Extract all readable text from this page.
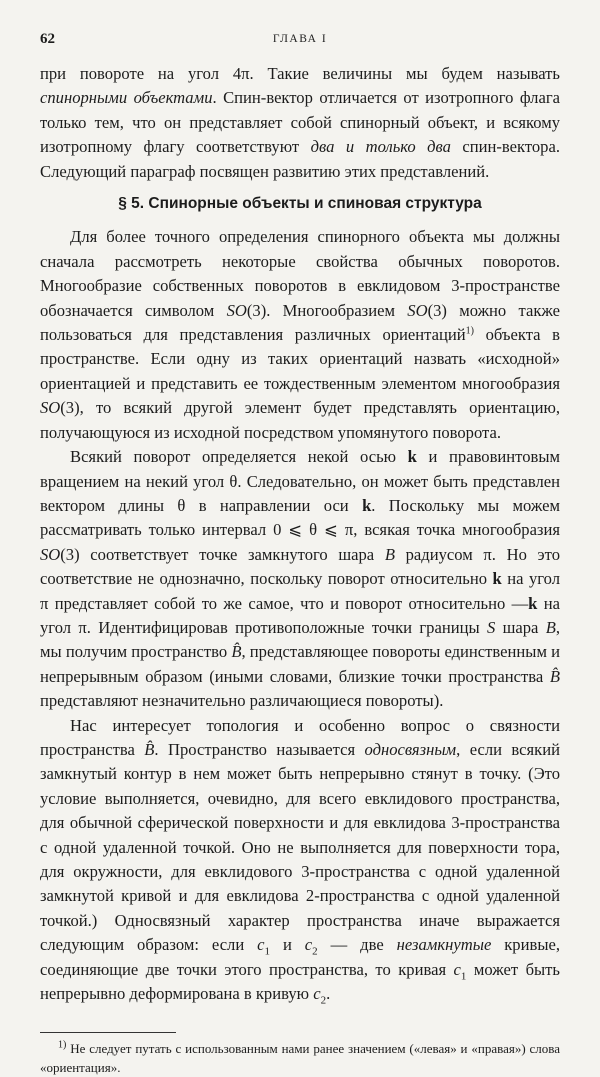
62	ГЛАВА I

при повороте на угол 4π. Такие величины мы будем называть спинорными объектами. Спин-вектор отличается от изотропного флага только тем, что он представляет собой спинорный объект, и всякому изотропному флагу соответствуют два и только два спин-вектора. Следующий параграф посвящен развитию этих представлений.

§ 5. Спинорные объекты и спиновая структура

Для более точного определения спинорного объекта мы должны сначала рассмотреть некоторые свойства обычных поворотов. Многообразие собственных поворотов в евклидовом 3-пространстве обозначается символом SO(3). Многообразием SO(3) можно также пользоваться для представления различных ориентаций$^{1)}$ объекта в пространстве. Если одну из таких ориентаций назвать «исходной» ориентацией и представить ее тождественным элементом многообразия SO(3), то всякий другой элемент будет представлять ориентацию, получающуюся из исходной посредством упомянутого поворота.

Всякий поворот определяется некой осью k и правовинтовым вращением на некий угол θ. Следовательно, он может быть представлен вектором длины θ в направлении оси k. Поскольку мы можем рассматривать только интервал 0 ⩽ θ ⩽ π, всякая точка многообразия SO(3) соответствует точке замкнутого шара B радиусом π. Но это соответствие не однозначно, поскольку поворот относительно k на угол π представляет собой то же самое, что и поворот относительно —k на угол π. Идентифицировав противоположные точки границы S шара B, мы получим пространство B̂, представляющее повороты единственным и непрерывным образом (иными словами, близкие точки пространства B̂ представляют незначительно различающиеся повороты).

Нас интересует топология и особенно вопрос о связности пространства B̂. Пространство называется односвязным, если всякий замкнутый контур в нем может быть непрерывно стянут в точку. (Это условие выполняется, очевидно, для всего евклидового пространства, для обычной сферической поверхности и для евклидова 3-пространства с одной удаленной точкой. Оно не выполняется для поверхности тора, для окружности, для евклидового 3-пространства с одной удаленной замкнутой кривой и для евклидова 2-пространства с одной удаленной точкой.) Односвязный характер пространства иначе выражается следующим образом: если $c_1$ и $c_2$ — две незамкнутые кривые, соединяющие две точки этого пространства, то кривая $c_1$ может быть непрерывно деформирована в кривую $c_2$.

$^{1)}$ Не следует путать с использованным нами ранее значением («левая» и «правая») слова «ориентация».
